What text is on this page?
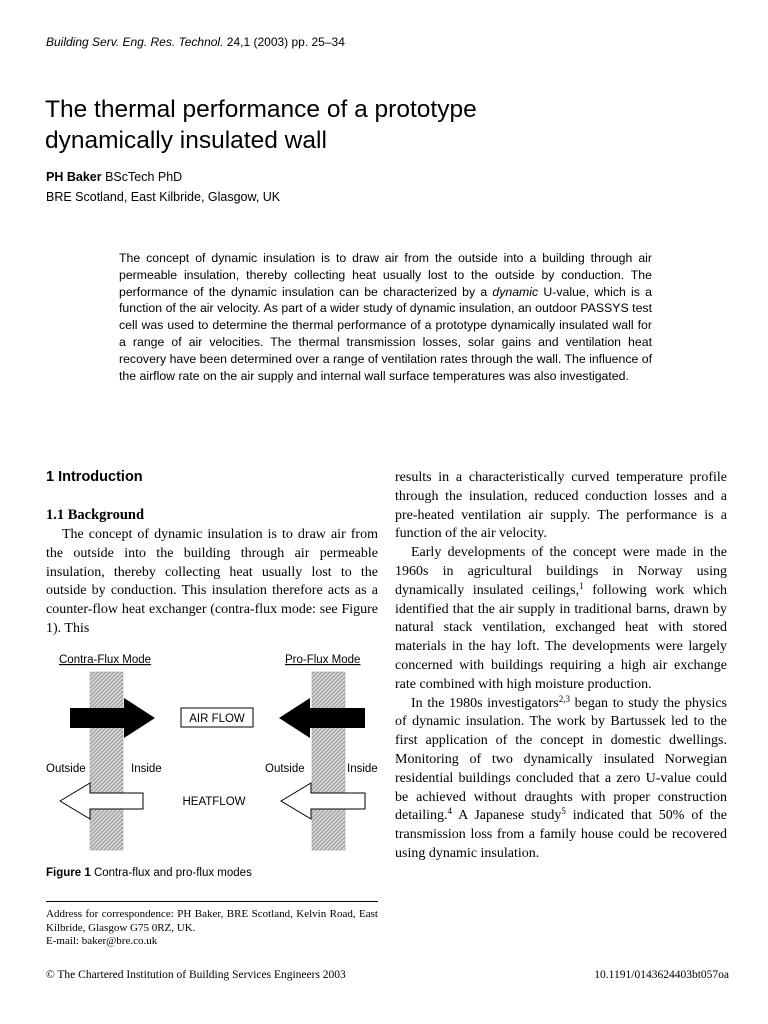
Building Serv. Eng. Res. Technol. 24,1 (2003) pp. 25–34
The thermal performance of a prototype
dynamically insulated wall
PH Baker BScTech PhD
BRE Scotland, East Kilbride, Glasgow, UK
The concept of dynamic insulation is to draw air from the outside into a building through air permeable insulation, thereby collecting heat usually lost to the outside by conduction. The performance of the dynamic insulation can be characterized by a dynamic U-value, which is a function of the air velocity. As part of a wider study of dynamic insulation, an outdoor PASSYS test cell was used to determine the thermal performance of a prototype dynamically insulated wall for a range of air velocities. The thermal transmission losses, solar gains and ventilation heat recovery have been determined over a range of ventilation rates through the wall. The influence of the airflow rate on the air supply and internal wall surface temperatures was also investigated.
1 Introduction
1.1 Background

The concept of dynamic insulation is to draw air from the outside into the building through air permeable insulation, thereby collecting heat usually lost to the outside by conduction. This insulation therefore acts as a counter-flow heat exchanger (contra-flux mode: see Figure 1). This

Contra-Flux Mode	Pro-Flux Mode
AIR FLOW
Outside	Inside	Outside	Inside
HEATFLOW
Figure 1 Contra-flux and pro-flux modes
Address for correspondence: PH Baker, BRE Scotland, Kelvin Road, East Kilbride, Glasgow G75 0RZ, UK.
E-mail: baker@bre.co.uk

results in a characteristically curved temperature profile through the insulation, reduced conduction losses and a pre-heated ventilation air supply. The performance is a function of the air velocity.

Early developments of the concept were made in the 1960s in agricultural buildings in Norway using dynamically insulated ceilings,$^1$ following work which identified that the air supply in traditional barns, drawn by natural stack ventilation, exchanged heat with stored materials in the hay loft. The developments were largely concerned with buildings requiring a high air exchange rate combined with high moisture production.

In the 1980s investigators$^{2,3}$ began to study the physics of dynamic insulation. The work by Bartussek led to the first application of the concept in domestic dwellings. Monitoring of two dynamically insulated Norwegian residential buildings concluded that a zero U-value could be achieved without draughts with proper construction detailing.$^4$ A Japanese study$^5$ indicated that 50% of the transmission loss from a family house could be recovered using dynamic insulation.

© The Chartered Institution of Building Services Engineers 2003	10.1191/0143624403bt057oa
